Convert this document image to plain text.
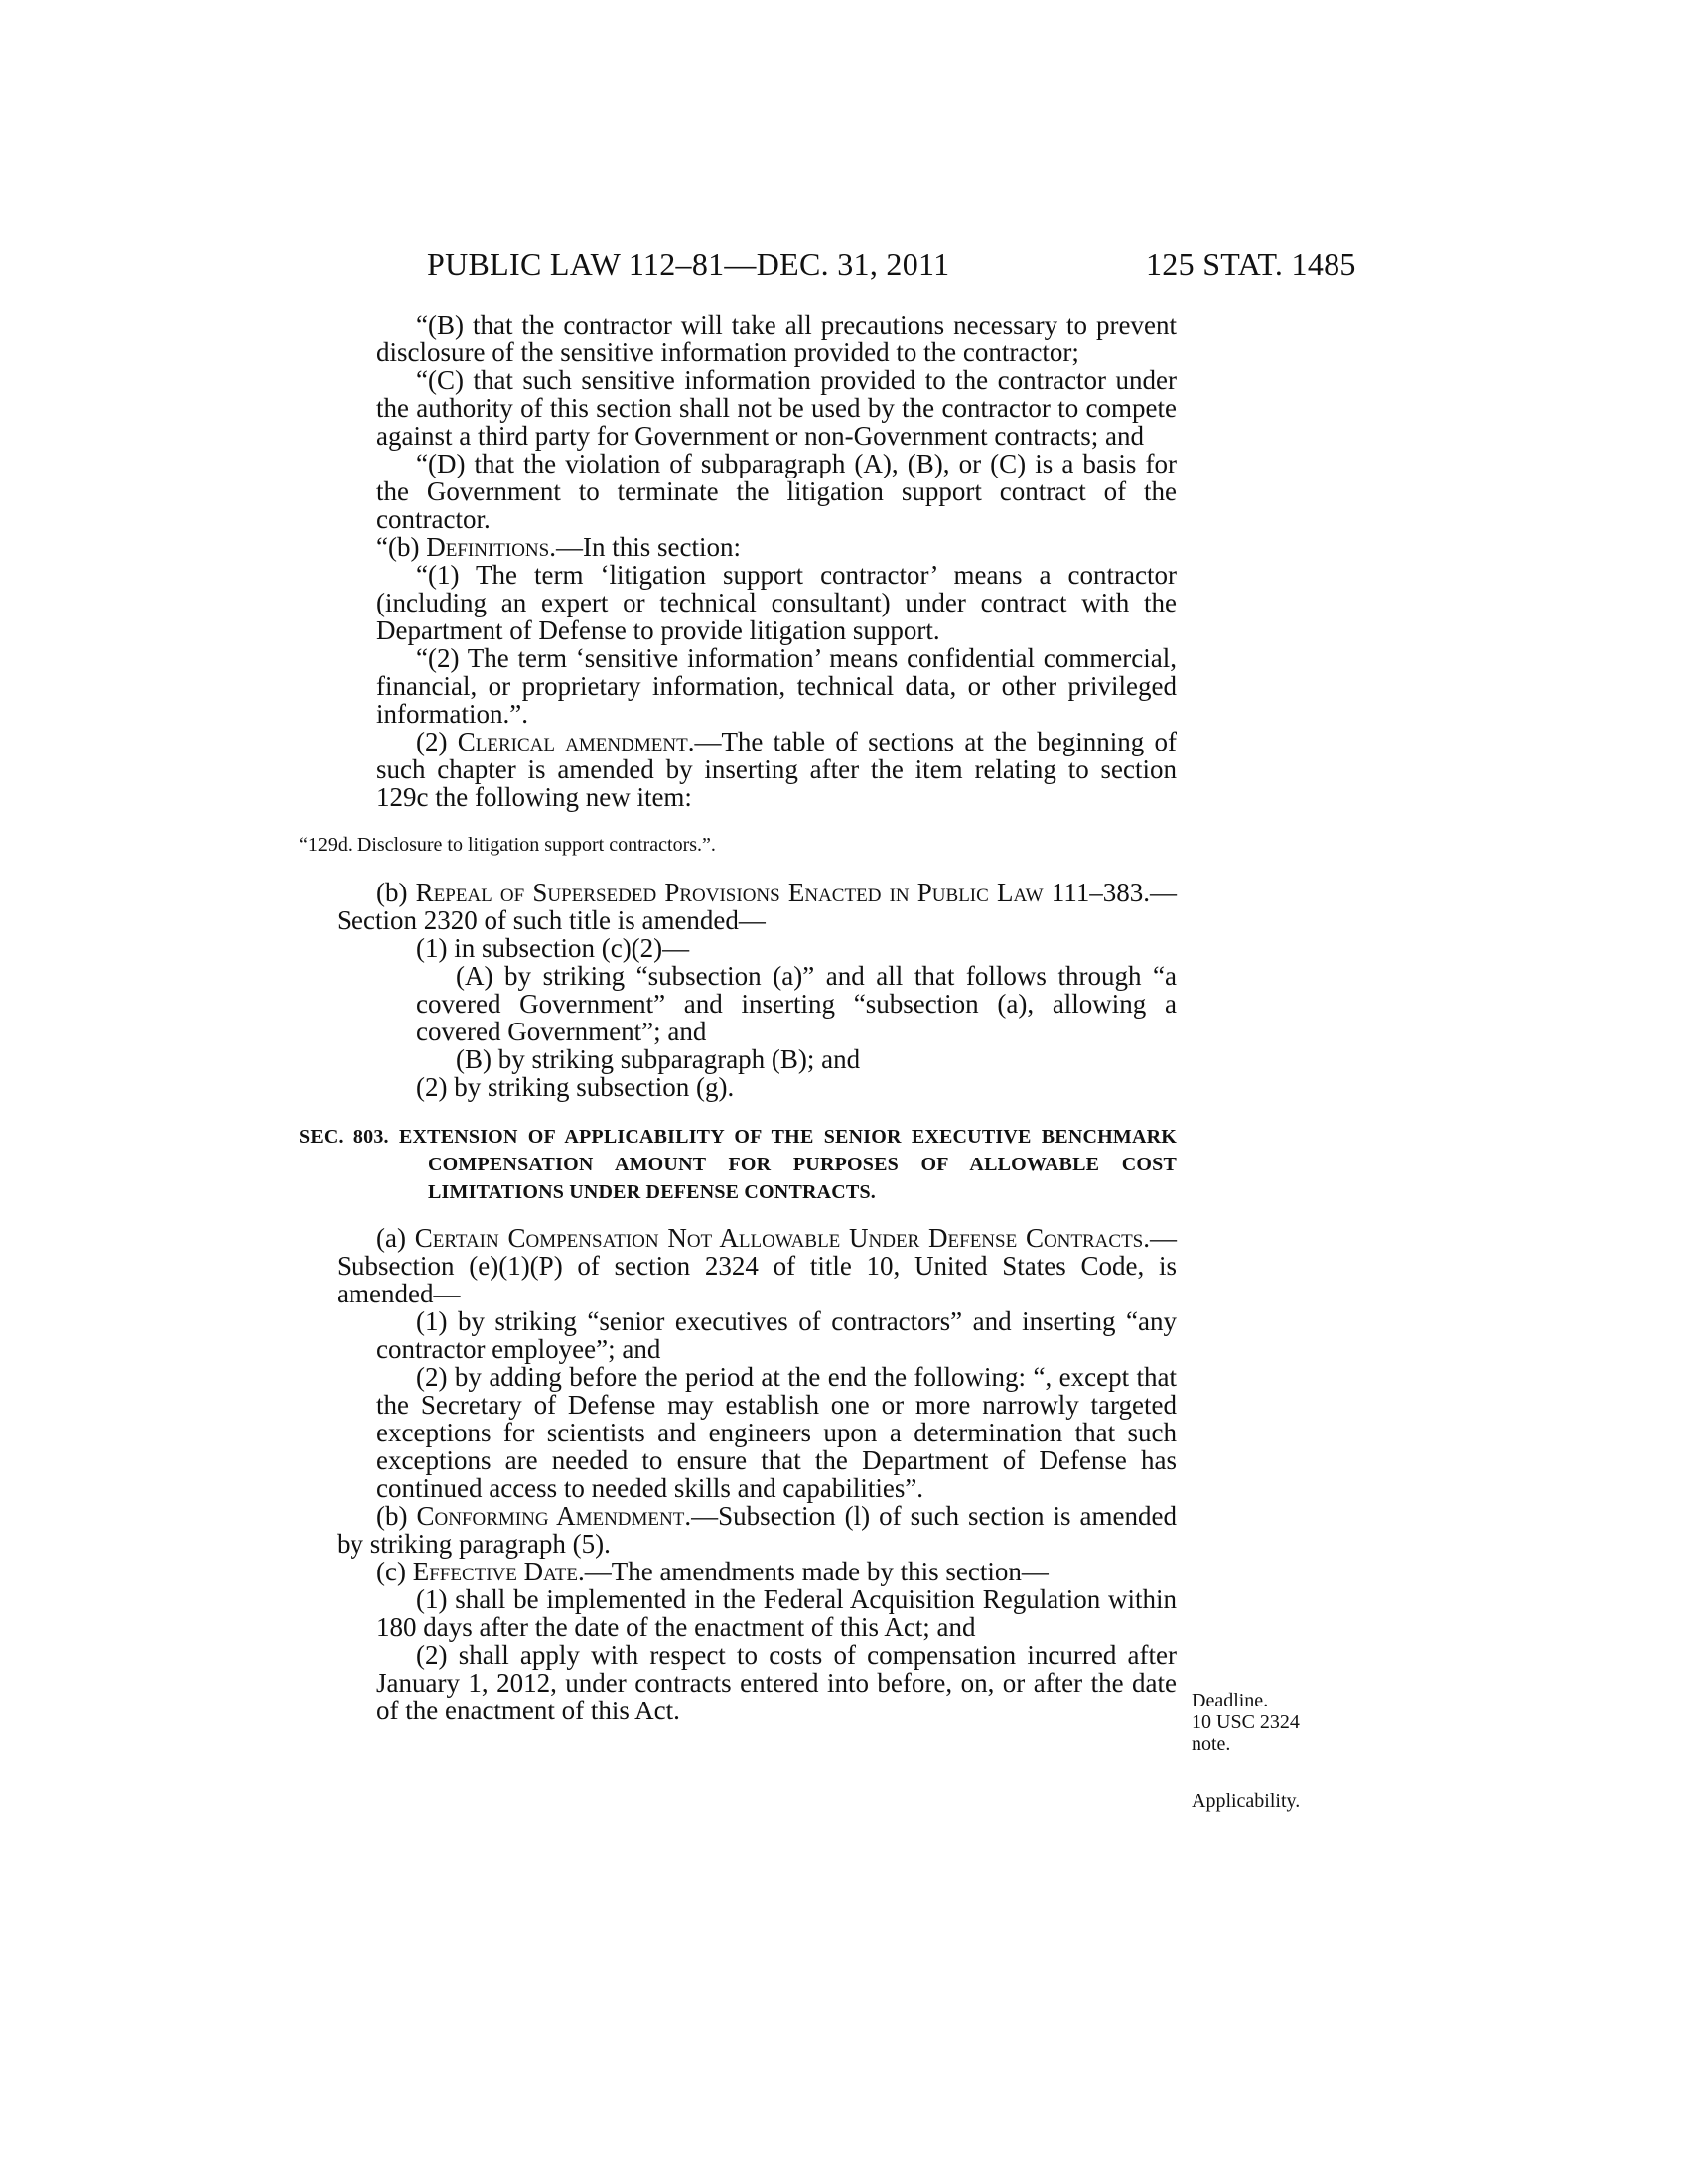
PUBLIC LAW 112–81—DEC. 31, 2011	125 STAT. 1485

“(B) that the contractor will take all precautions necessary to prevent disclosure of the sensitive information provided to the contractor;

“(C) that such sensitive information provided to the contractor under the authority of this section shall not be used by the contractor to compete against a third party for Government or non-Government contracts; and

“(D) that the violation of subparagraph (A), (B), or (C) is a basis for the Government to terminate the litigation support contract of the contractor.

“(b) Definitions.—In this section:

“(1) The term ‘litigation support contractor’ means a contractor (including an expert or technical consultant) under contract with the Department of Defense to provide litigation support.

“(2) The term ‘sensitive information’ means confidential commercial, financial, or proprietary information, technical data, or other privileged information.”.

(2) Clerical amendment.—The table of sections at the beginning of such chapter is amended by inserting after the item relating to section 129c the following new item:

“129d. Disclosure to litigation support contractors.”.

(b) Repeal of Superseded Provisions Enacted in Public Law 111–383.—Section 2320 of such title is amended—

(1) in subsection (c)(2)—

(A) by striking “subsection (a)” and all that follows through “a covered Government” and inserting “subsection (a), allowing a covered Government”; and

(B) by striking subparagraph (B); and

(2) by striking subsection (g).

SEC. 803. EXTENSION OF APPLICABILITY OF THE SENIOR EXECUTIVE BENCHMARK COMPENSATION AMOUNT FOR PURPOSES OF ALLOWABLE COST LIMITATIONS UNDER DEFENSE CONTRACTS.

(a) Certain Compensation Not Allowable Under Defense Contracts.—Subsection (e)(1)(P) of section 2324 of title 10, United States Code, is amended—

(1) by striking “senior executives of contractors” and inserting “any contractor employee”; and

(2) by adding before the period at the end the following: “, except that the Secretary of Defense may establish one or more narrowly targeted exceptions for scientists and engineers upon a determination that such exceptions are needed to ensure that the Department of Defense has continued access to needed skills and capabilities”.

(b) Conforming Amendment.—Subsection (l) of such section is amended by striking paragraph (5).

(c) Effective Date.—The amendments made by this section—

(1) shall be implemented in the Federal Acquisition Regulation within 180 days after the date of the enactment of this Act; and

(2) shall apply with respect to costs of compensation incurred after January 1, 2012, under contracts entered into before, on, or after the date of the enactment of this Act.	Deadline.
10 USC 2324
note.
Applicability.
